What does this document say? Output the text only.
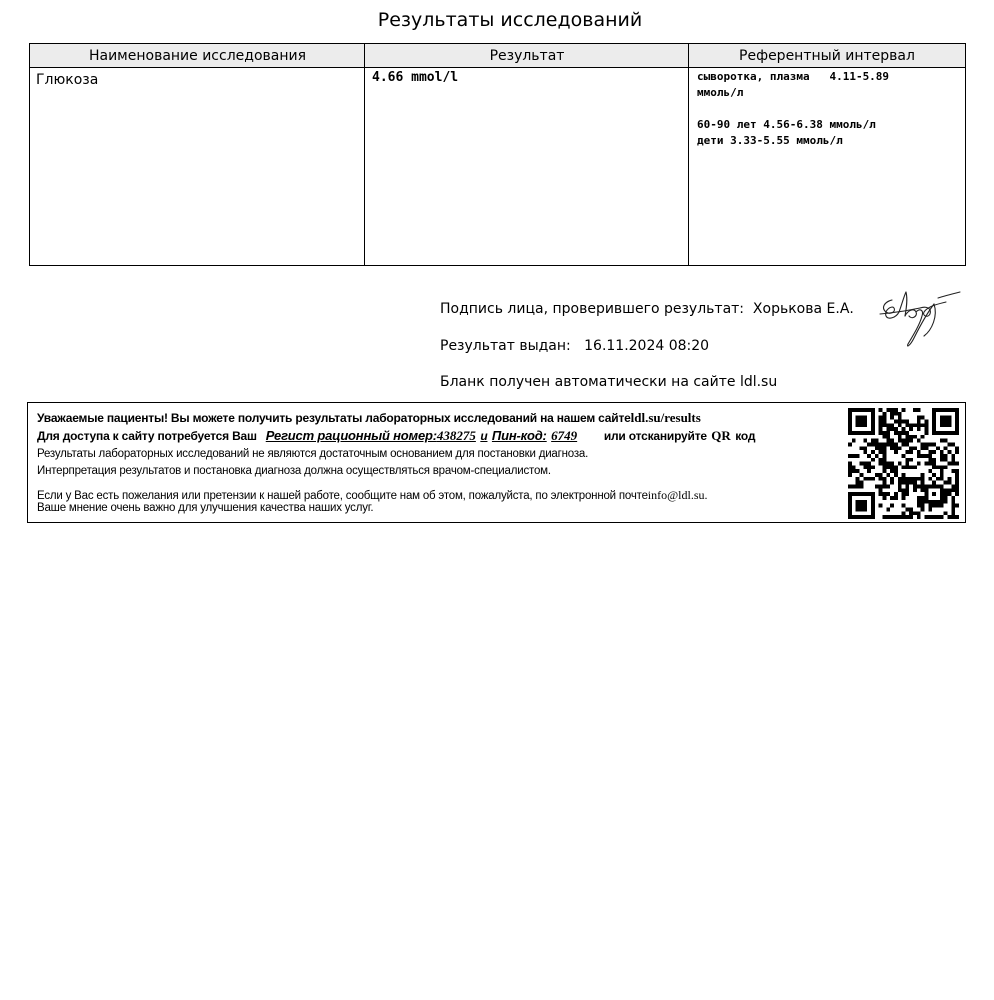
Результаты исследований
Наименование исследования	Результат	Референтный интервал
Глюкоза	4.66 mmol/l	сыворотка, плазма   4.11-5.89
ммоль/л
60-90 лет 4.56-6.38 ммоль/л
дети 3.33-5.55 ммоль/л
Подпись лица, проверившего результат: Хорькова Е.А.
Результат выдан: 16.11.2024 08:20
Бланк получен автоматически на сайте ldl.su
Уважаемые пациенты! Вы можете получить результаты лабораторных исследований на нашем сайтеldl.su/results
Для доступа к сайту потребуется Ваш Регист рационный номер:438275 и Пин-код: 6749 или отсканируйте QR код
Результаты лабораторных исследований не являются достаточным основанием для постановки диагноза.
Интерпретация результатов и постановка диагноза должна осуществляться врачом-специалистом.
Если у Вас есть пожелания или претензии к нашей работе, сообщите нам об этом, пожалуйста, по электронной почтеinfo@ldl.su.
Ваше мнение очень важно для улучшения качества наших услуг.
